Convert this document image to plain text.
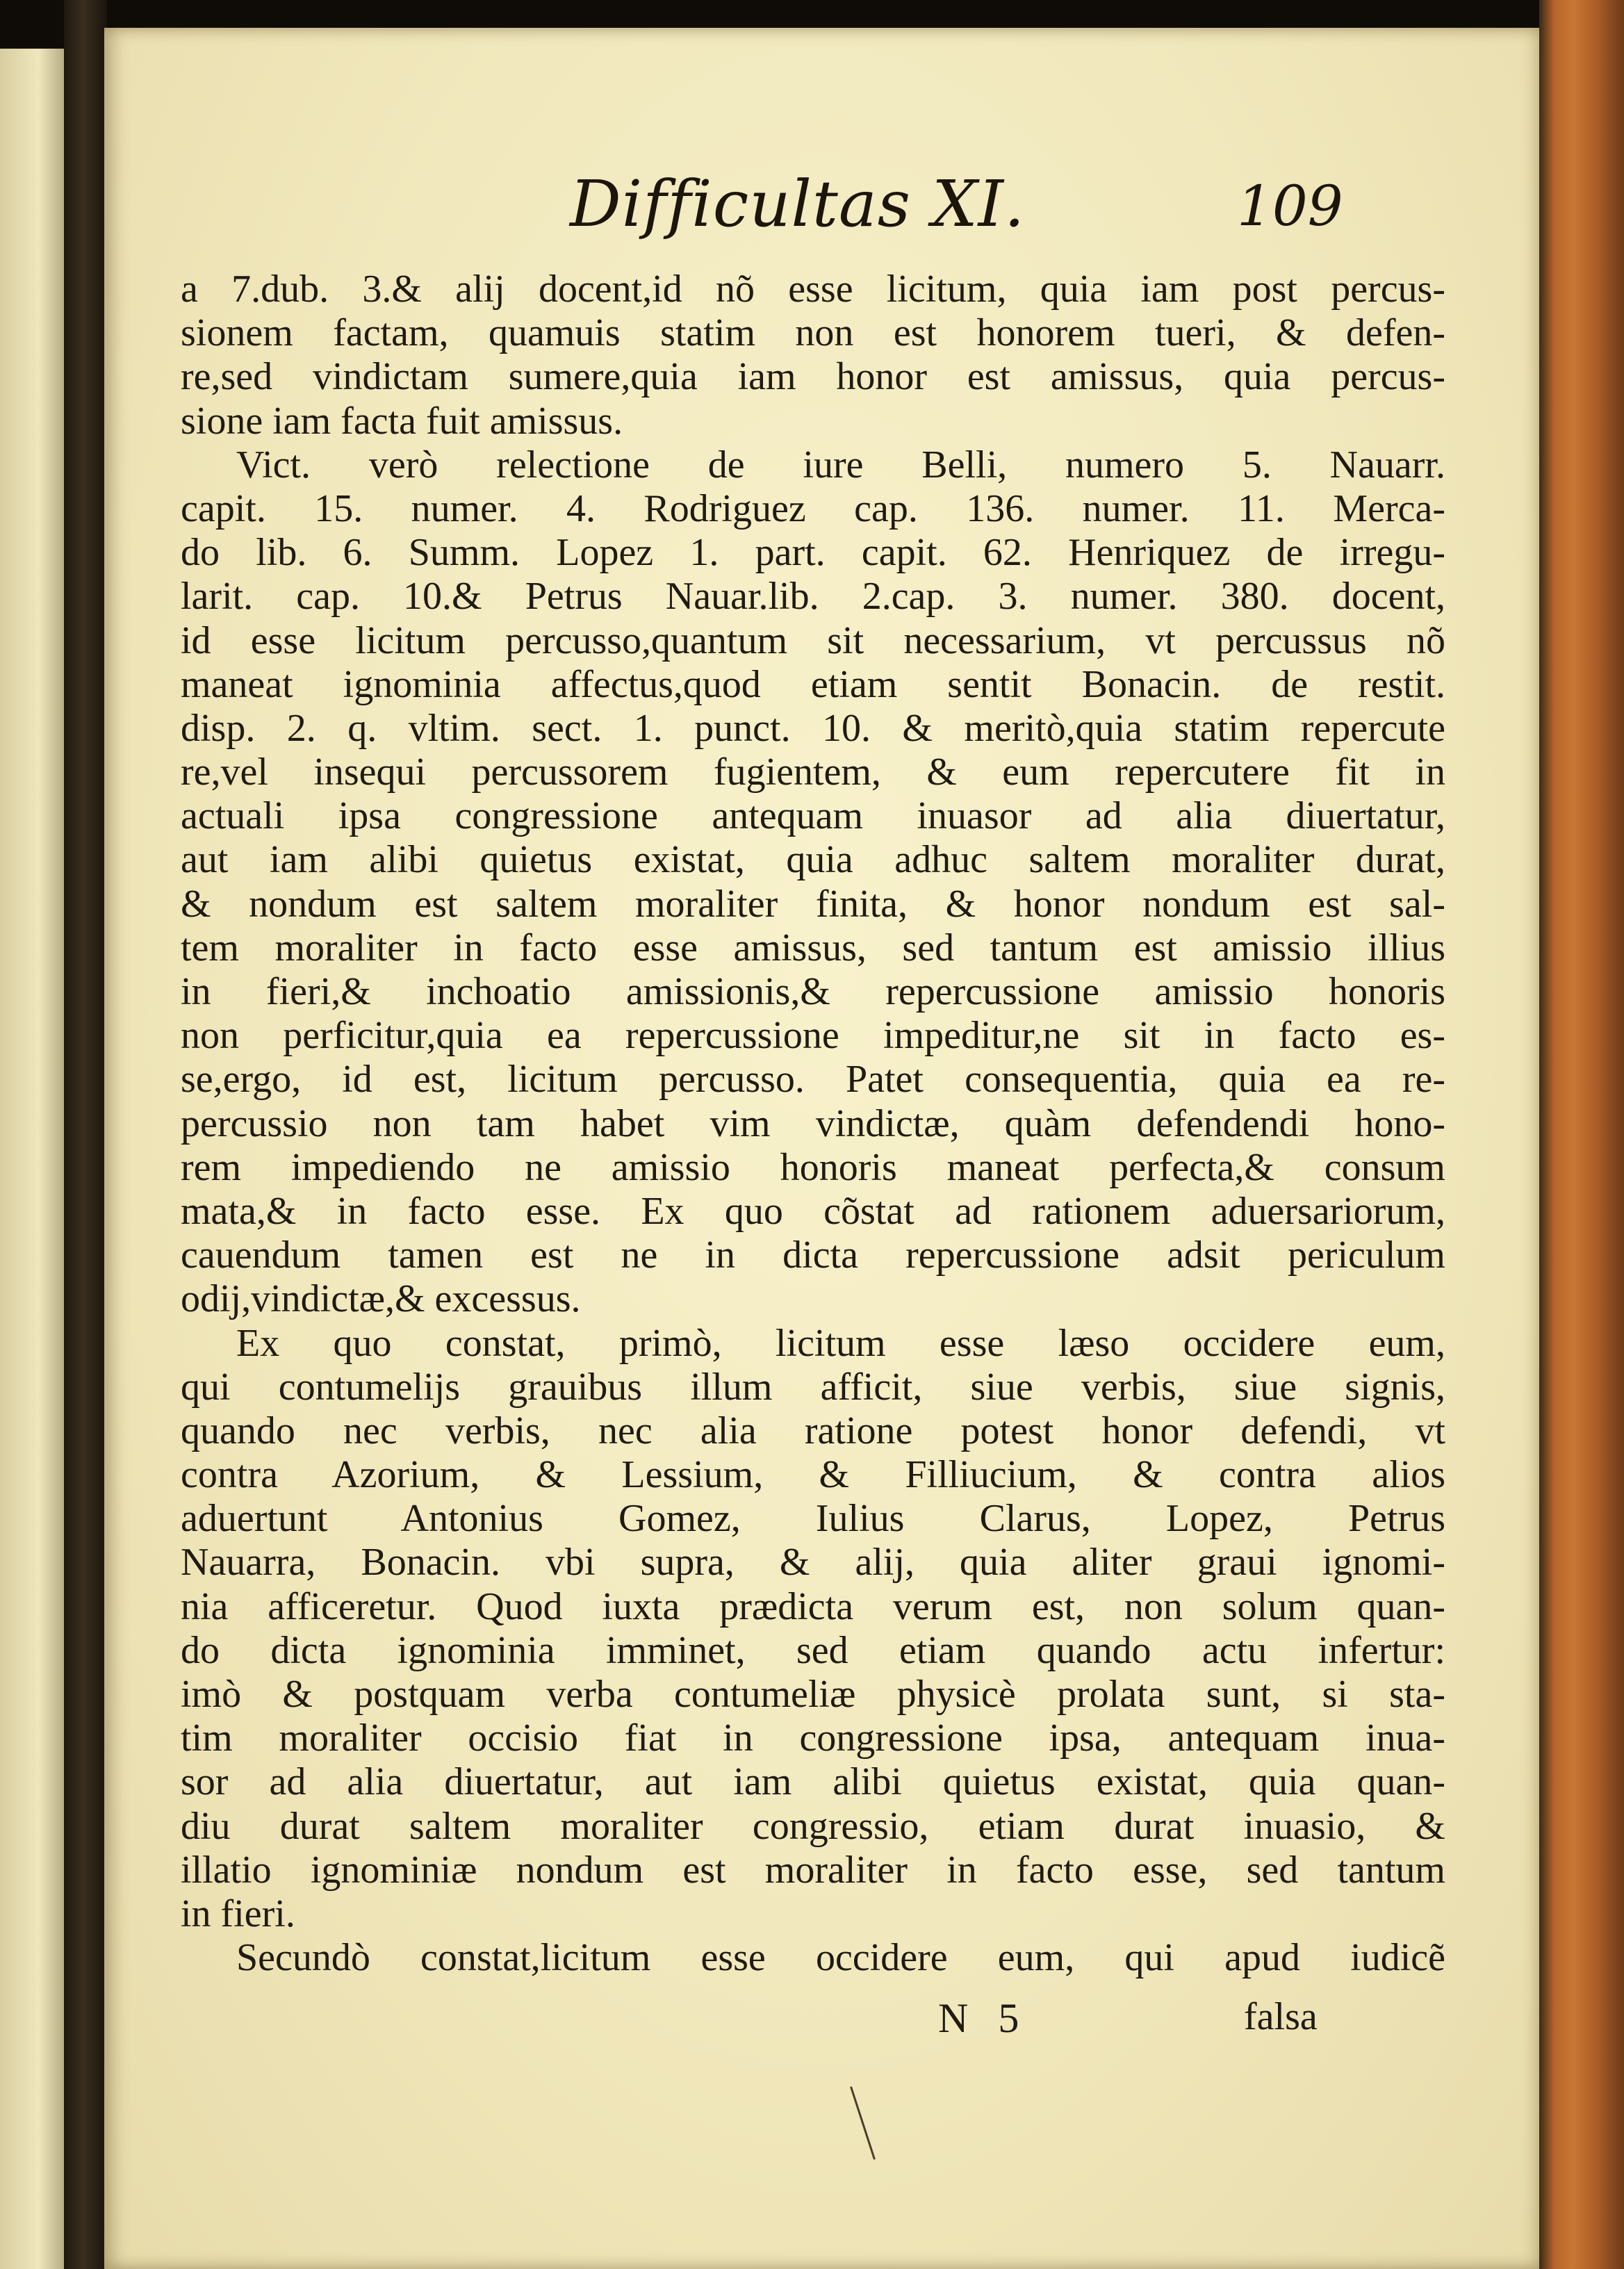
Difficultas XI.	109
a 7.dub. 3.& alij docent,id nõ esse licitum, quia iam post percus-
sionem factam, quamuis statim non est honorem tueri, & defen-
re,sed vindictam sumere,quia iam honor est amissus, quia percus-
sione iam facta fuit amissus.
Vict. verò relectione de iure Belli, numero 5. Nauarr.
capit. 15. numer. 4. Rodriguez cap. 136. numer. 11. Merca-
do lib. 6. Summ. Lopez 1. part. capit. 62. Henriquez de irregu-
larit. cap. 10.& Petrus Nauar.lib. 2.cap. 3. numer. 380. docent,
id esse licitum percusso,quantum sit necessarium, vt percussus nõ
maneat ignominia affectus,quod etiam sentit Bonacin. de restit.
disp. 2. q. vltim. sect. 1. punct. 10. & meritò,quia statim repercute
re,vel insequi percussorem fugientem, & eum repercutere fit in
actuali ipsa congressione antequam inuasor ad alia diuertatur,
aut iam alibi quietus existat, quia adhuc saltem moraliter durat,
& nondum est saltem moraliter finita, & honor nondum est sal-
tem moraliter in facto esse amissus, sed tantum est amissio illius
in fieri,& inchoatio amissionis,& repercussione amissio honoris
non perficitur,quia ea repercussione impeditur,ne sit in facto es-
se,ergo, id est, licitum percusso. Patet consequentia, quia ea re-
percussio non tam habet vim vindictæ, quàm defendendi hono-
rem impediendo ne amissio honoris maneat perfecta,& consum
mata,& in facto esse. Ex quo cõstat ad rationem aduersariorum,
cauendum tamen est ne in dicta repercussione adsit periculum
odij,vindictæ,& excessus.
Ex quo constat, primò, licitum esse læso occidere eum,
qui contumelijs grauibus illum afficit, siue verbis, siue signis,
quando nec verbis, nec alia ratione potest honor defendi, vt
contra Azorium, & Lessium, & Filliucium, & contra alios
aduertunt Antonius Gomez, Iulius Clarus, Lopez, Petrus
Nauarra, Bonacin. vbi supra, & alij, quia aliter graui ignomi-
nia afficeretur. Quod iuxta prædicta verum est, non solum quan-
do dicta ignominia imminet, sed etiam quando actu infertur:
imò & postquam verba contumeliæ physicè prolata sunt, si sta-
tim moraliter occisio fiat in congressione ipsa, antequam inua-
sor ad alia diuertatur, aut iam alibi quietus existat, quia quan-
diu durat saltem moraliter congressio, etiam durat inuasio, &
illatio ignominiæ nondum est moraliter in facto esse, sed tantum
in fieri.
Secundò constat,licitum esse occidere eum, qui apud iudicẽ
N 5	falsa
